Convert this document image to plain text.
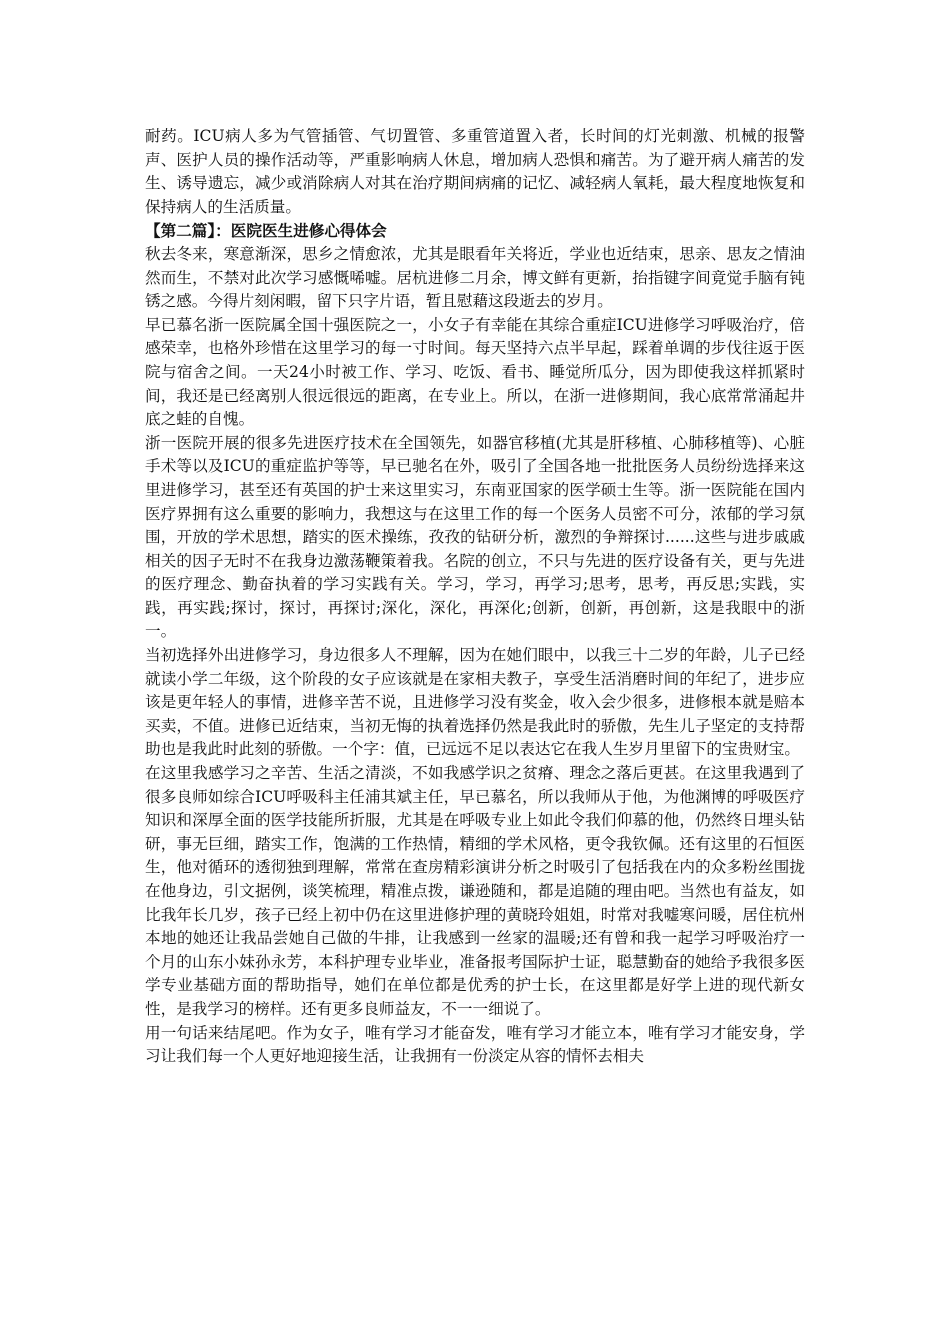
耐药。ICU病人多为气管插管、气切置管、多重管道置入者，长时间的灯光刺激、机械的报警声、医护人员的操作活动等，严重影响病人休息，增加病人恐惧和痛苦。为了避开病人痛苦的发生、诱导遗忘，减少或消除病人对其在治疗期间病痛的记忆、减轻病人氧耗，最大程度地恢复和保持病人的生活质量。

【第二篇】：医院医生进修心得体会

秋去冬来，寒意渐深，思乡之情愈浓，尤其是眼看年关将近，学业也近结束，思亲、思友之情油然而生，不禁对此次学习感慨唏嘘。居杭进修二月余，博文鲜有更新，抬指键字间竟觉手脑有钝锈之感。今得片刻闲暇，留下只字片语，暂且慰藉这段逝去的岁月。

早已慕名浙一医院属全国十强医院之一，小女子有幸能在其综合重症ICU进修学习呼吸治疗，倍感荣幸，也格外珍惜在这里学习的每一寸时间。每天坚持六点半早起，踩着单调的步伐往返于医院与宿舍之间。一天24小时被工作、学习、吃饭、看书、睡觉所瓜分，因为即使我这样抓紧时间，我还是已经离别人很远很远的距离，在专业上。所以，在浙一进修期间，我心底常常涌起井底之蛙的自愧。

浙一医院开展的很多先进医疗技术在全国领先，如器官移植(尤其是肝移植、心肺移植等)、心脏手术等以及ICU的重症监护等等，早已驰名在外，吸引了全国各地一批批医务人员纷纷选择来这里进修学习，甚至还有英国的护士来这里实习，东南亚国家的医学硕士生等。浙一医院能在国内医疗界拥有这么重要的影响力，我想这与在这里工作的每一个医务人员密不可分，浓郁的学习氛围，开放的学术思想，踏实的医术操练，孜孜的钻研分析，激烈的争辩探讨......这些与进步戚戚相关的因子无时不在我身边激荡鞭策着我。名院的创立，不只与先进的医疗设备有关，更与先进的医疗理念、勤奋执着的学习实践有关。学习，学习，再学习;思考，思考，再反思;实践，实践，再实践;探讨，探讨，再探讨;深化，深化，再深化;创新，创新，再创新，这是我眼中的浙一。

当初选择外出进修学习，身边很多人不理解，因为在她们眼中，以我三十二岁的年龄，儿子已经就读小学二年级，这个阶段的女子应该就是在家相夫教子，享受生活消磨时间的年纪了，进步应该是更年轻人的事情，进修辛苦不说，且进修学习没有奖金，收入会少很多，进修根本就是赔本买卖，不值。进修已近结束，当初无悔的执着选择仍然是我此时的骄傲，先生儿子坚定的支持帮助也是我此时此刻的骄傲。一个字：值，已远远不足以表达它在我人生岁月里留下的宝贵财宝。

在这里我感学习之辛苦、生活之清淡，不如我感学识之贫瘠、理念之落后更甚。在这里我遇到了很多良师如综合ICU呼吸科主任浦其斌主任，早已慕名，所以我师从于他，为他渊博的呼吸医疗知识和深厚全面的医学技能所折服，尤其是在呼吸专业上如此令我们仰慕的他，仍然终日埋头钻研，事无巨细，踏实工作，饱满的工作热情，精细的学术风格，更令我钦佩。还有这里的石恒医生，他对循环的透彻独到理解，常常在查房精彩演讲分析之时吸引了包括我在内的众多粉丝围拢在他身边，引文据例，谈笑梳理，精准点拨，谦逊随和，都是追随的理由吧。当然也有益友，如比我年长几岁，孩子已经上初中仍在这里进修护理的黄晓玲姐姐，时常对我嘘寒问暖，居住杭州本地的她还让我品尝她自己做的牛排，让我感到一丝家的温暖;还有曾和我一起学习呼吸治疗一个月的山东小妹孙永芳，本科护理专业毕业，准备报考国际护士证，聪慧勤奋的她给予我很多医学专业基础方面的帮助指导，她们在单位都是优秀的护士长，在这里都是好学上进的现代新女性，是我学习的榜样。还有更多良师益友，不一一细说了。

用一句话来结尾吧。作为女子，唯有学习才能奋发，唯有学习才能立本，唯有学习才能安身，学习让我们每一个人更好地迎接生活，让我拥有一份淡定从容的情怀去相夫
